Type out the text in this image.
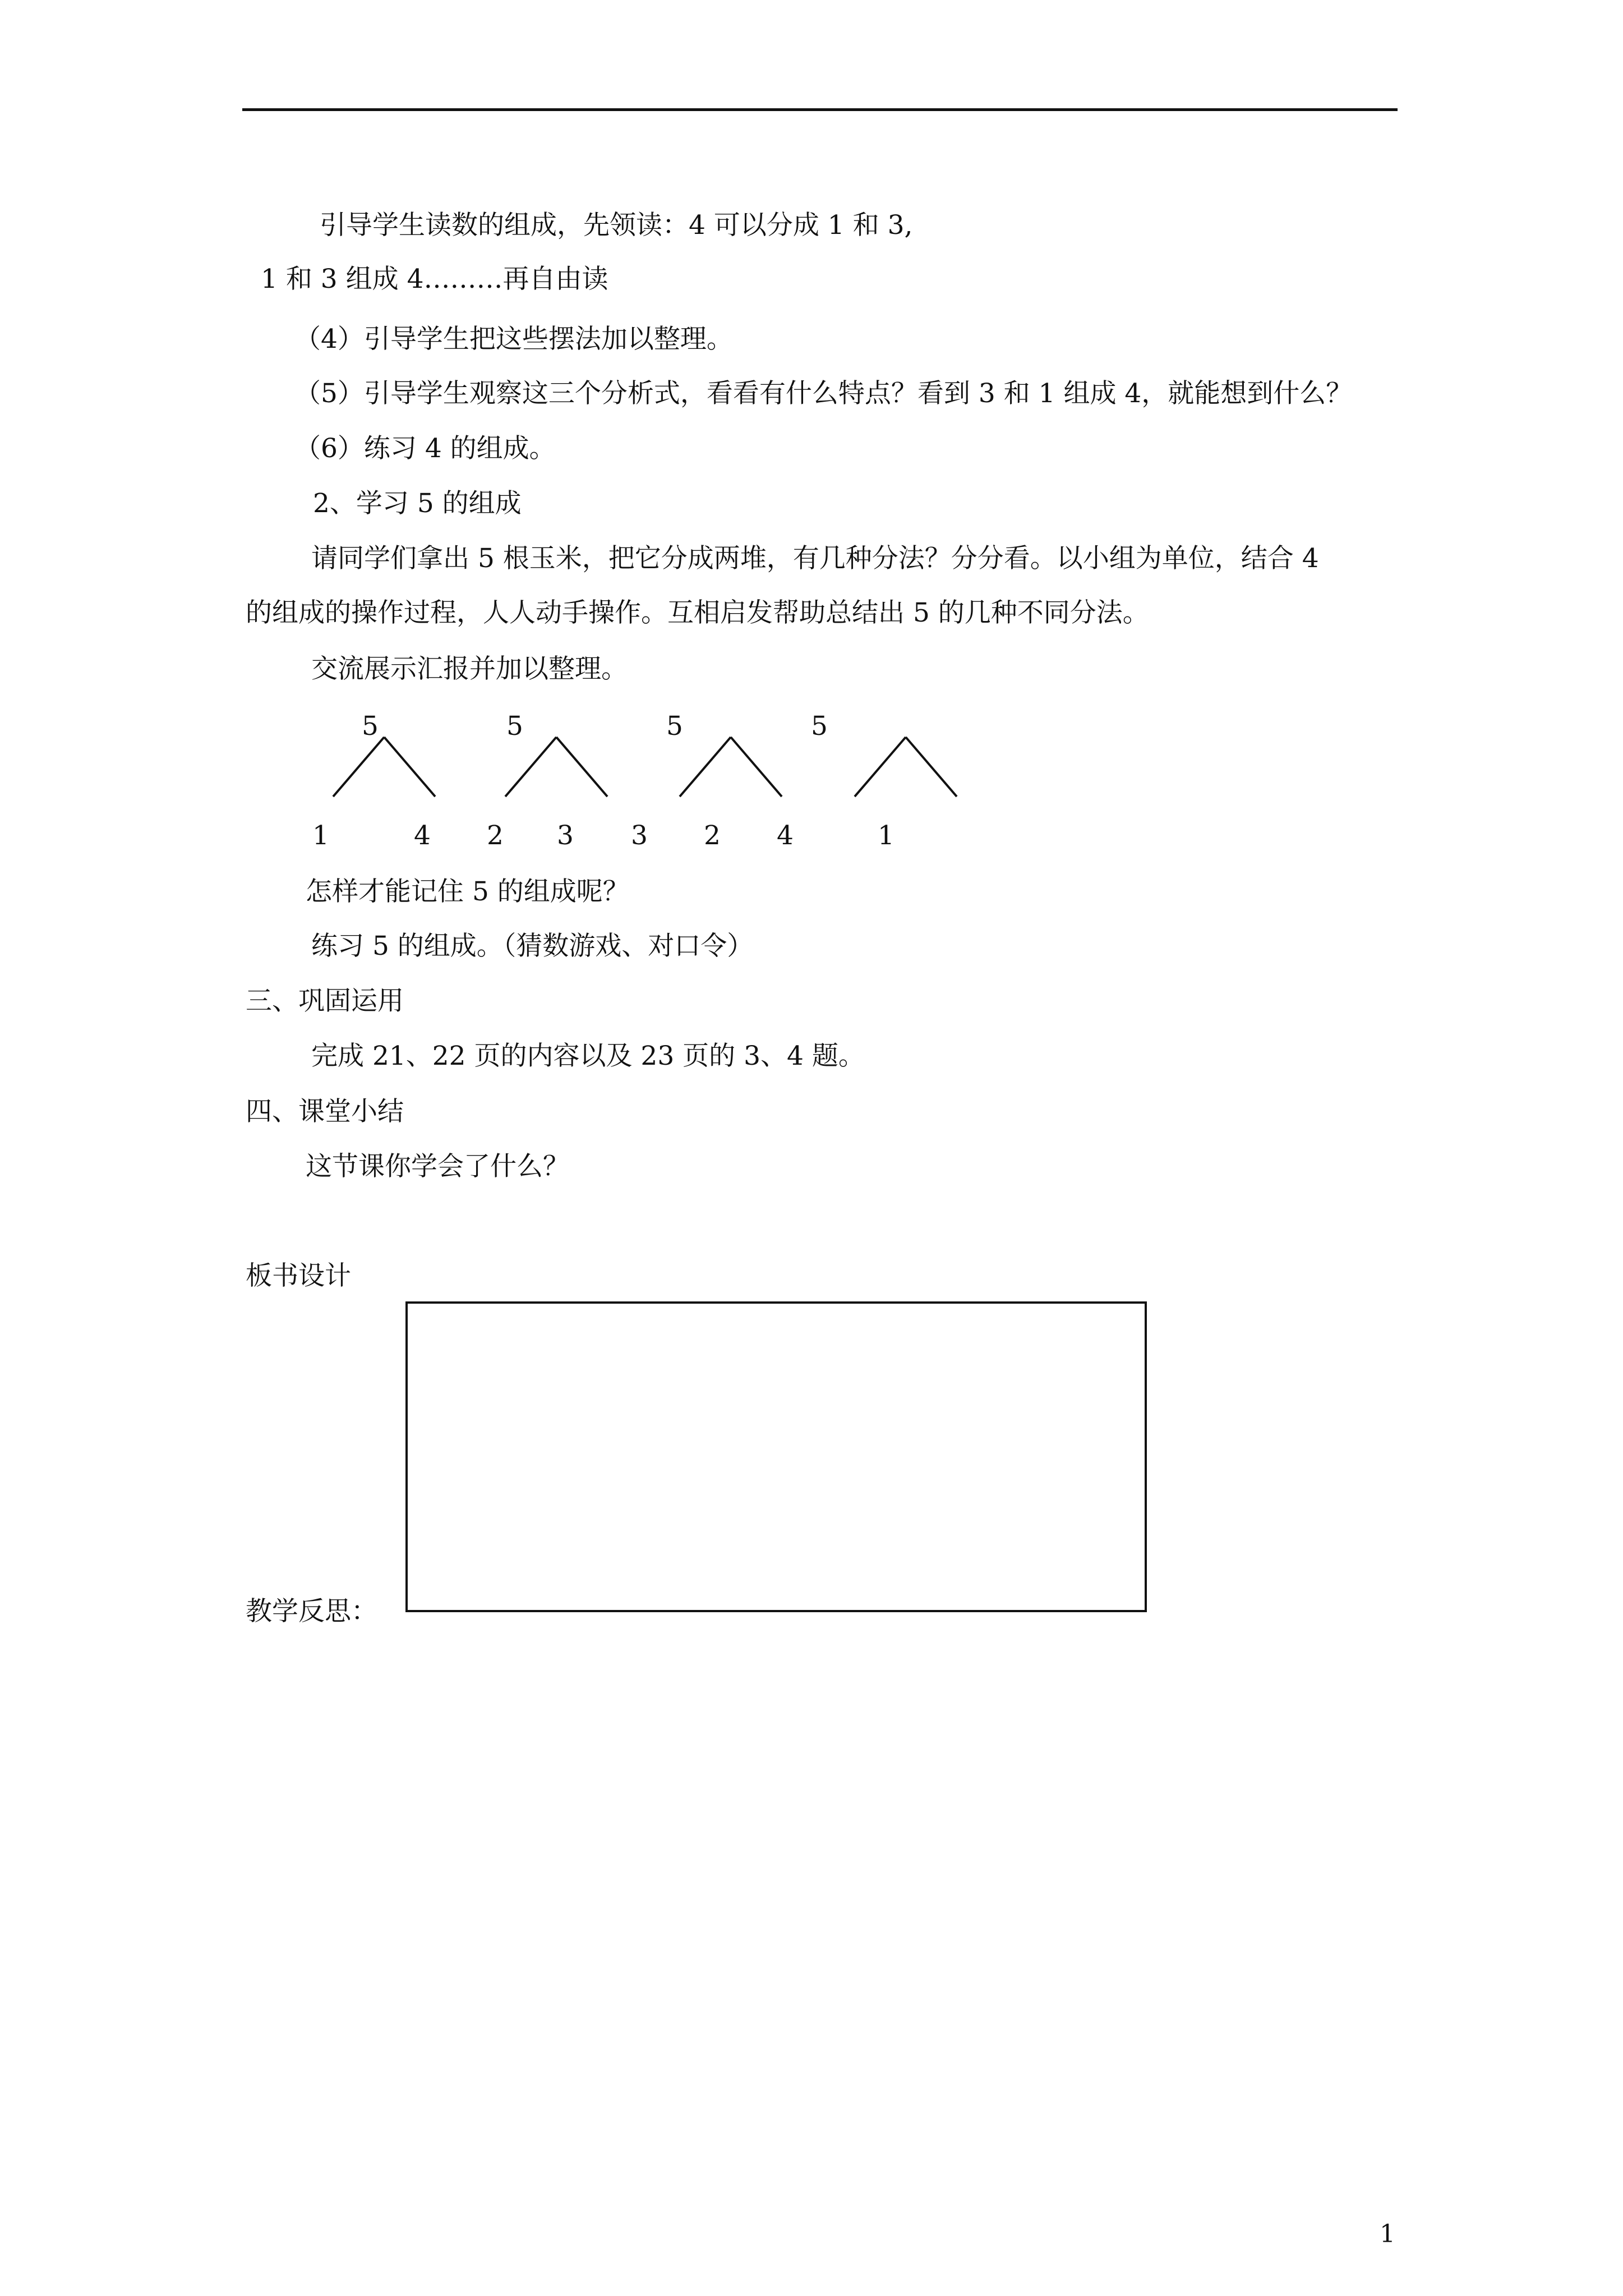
引导学生读数的组成，先领读：4 可以分成 1 和 3,
1 和 3 组成 4………再自由读
（4）引导学生把这些摆法加以整理。
（5）引导学生观察这三个分析式，看看有什么特点？看到 3 和 1 组成 4，就能想到什么？
（6）练习 4 的组成。
2、学习 5 的组成
请同学们拿出 5 根玉米，把它分成两堆，有几种分法？分分看。以小组为单位，结合 4
的组成的操作过程，人人动手操作。互相启发帮助总结出 5 的几种不同分法。
交流展示汇报并加以整理。
5
1	4
5
2 3
5
3 2
5
4	1
怎样才能记住 5 的组成呢？
练习 5 的组成。（猜数游戏、对口令）
三、巩固运用
完成 21、22 页的内容以及 23 页的 3、4 题。
四、课堂小结
这节课你学会了什么？
板书设计
教学反思：
1
